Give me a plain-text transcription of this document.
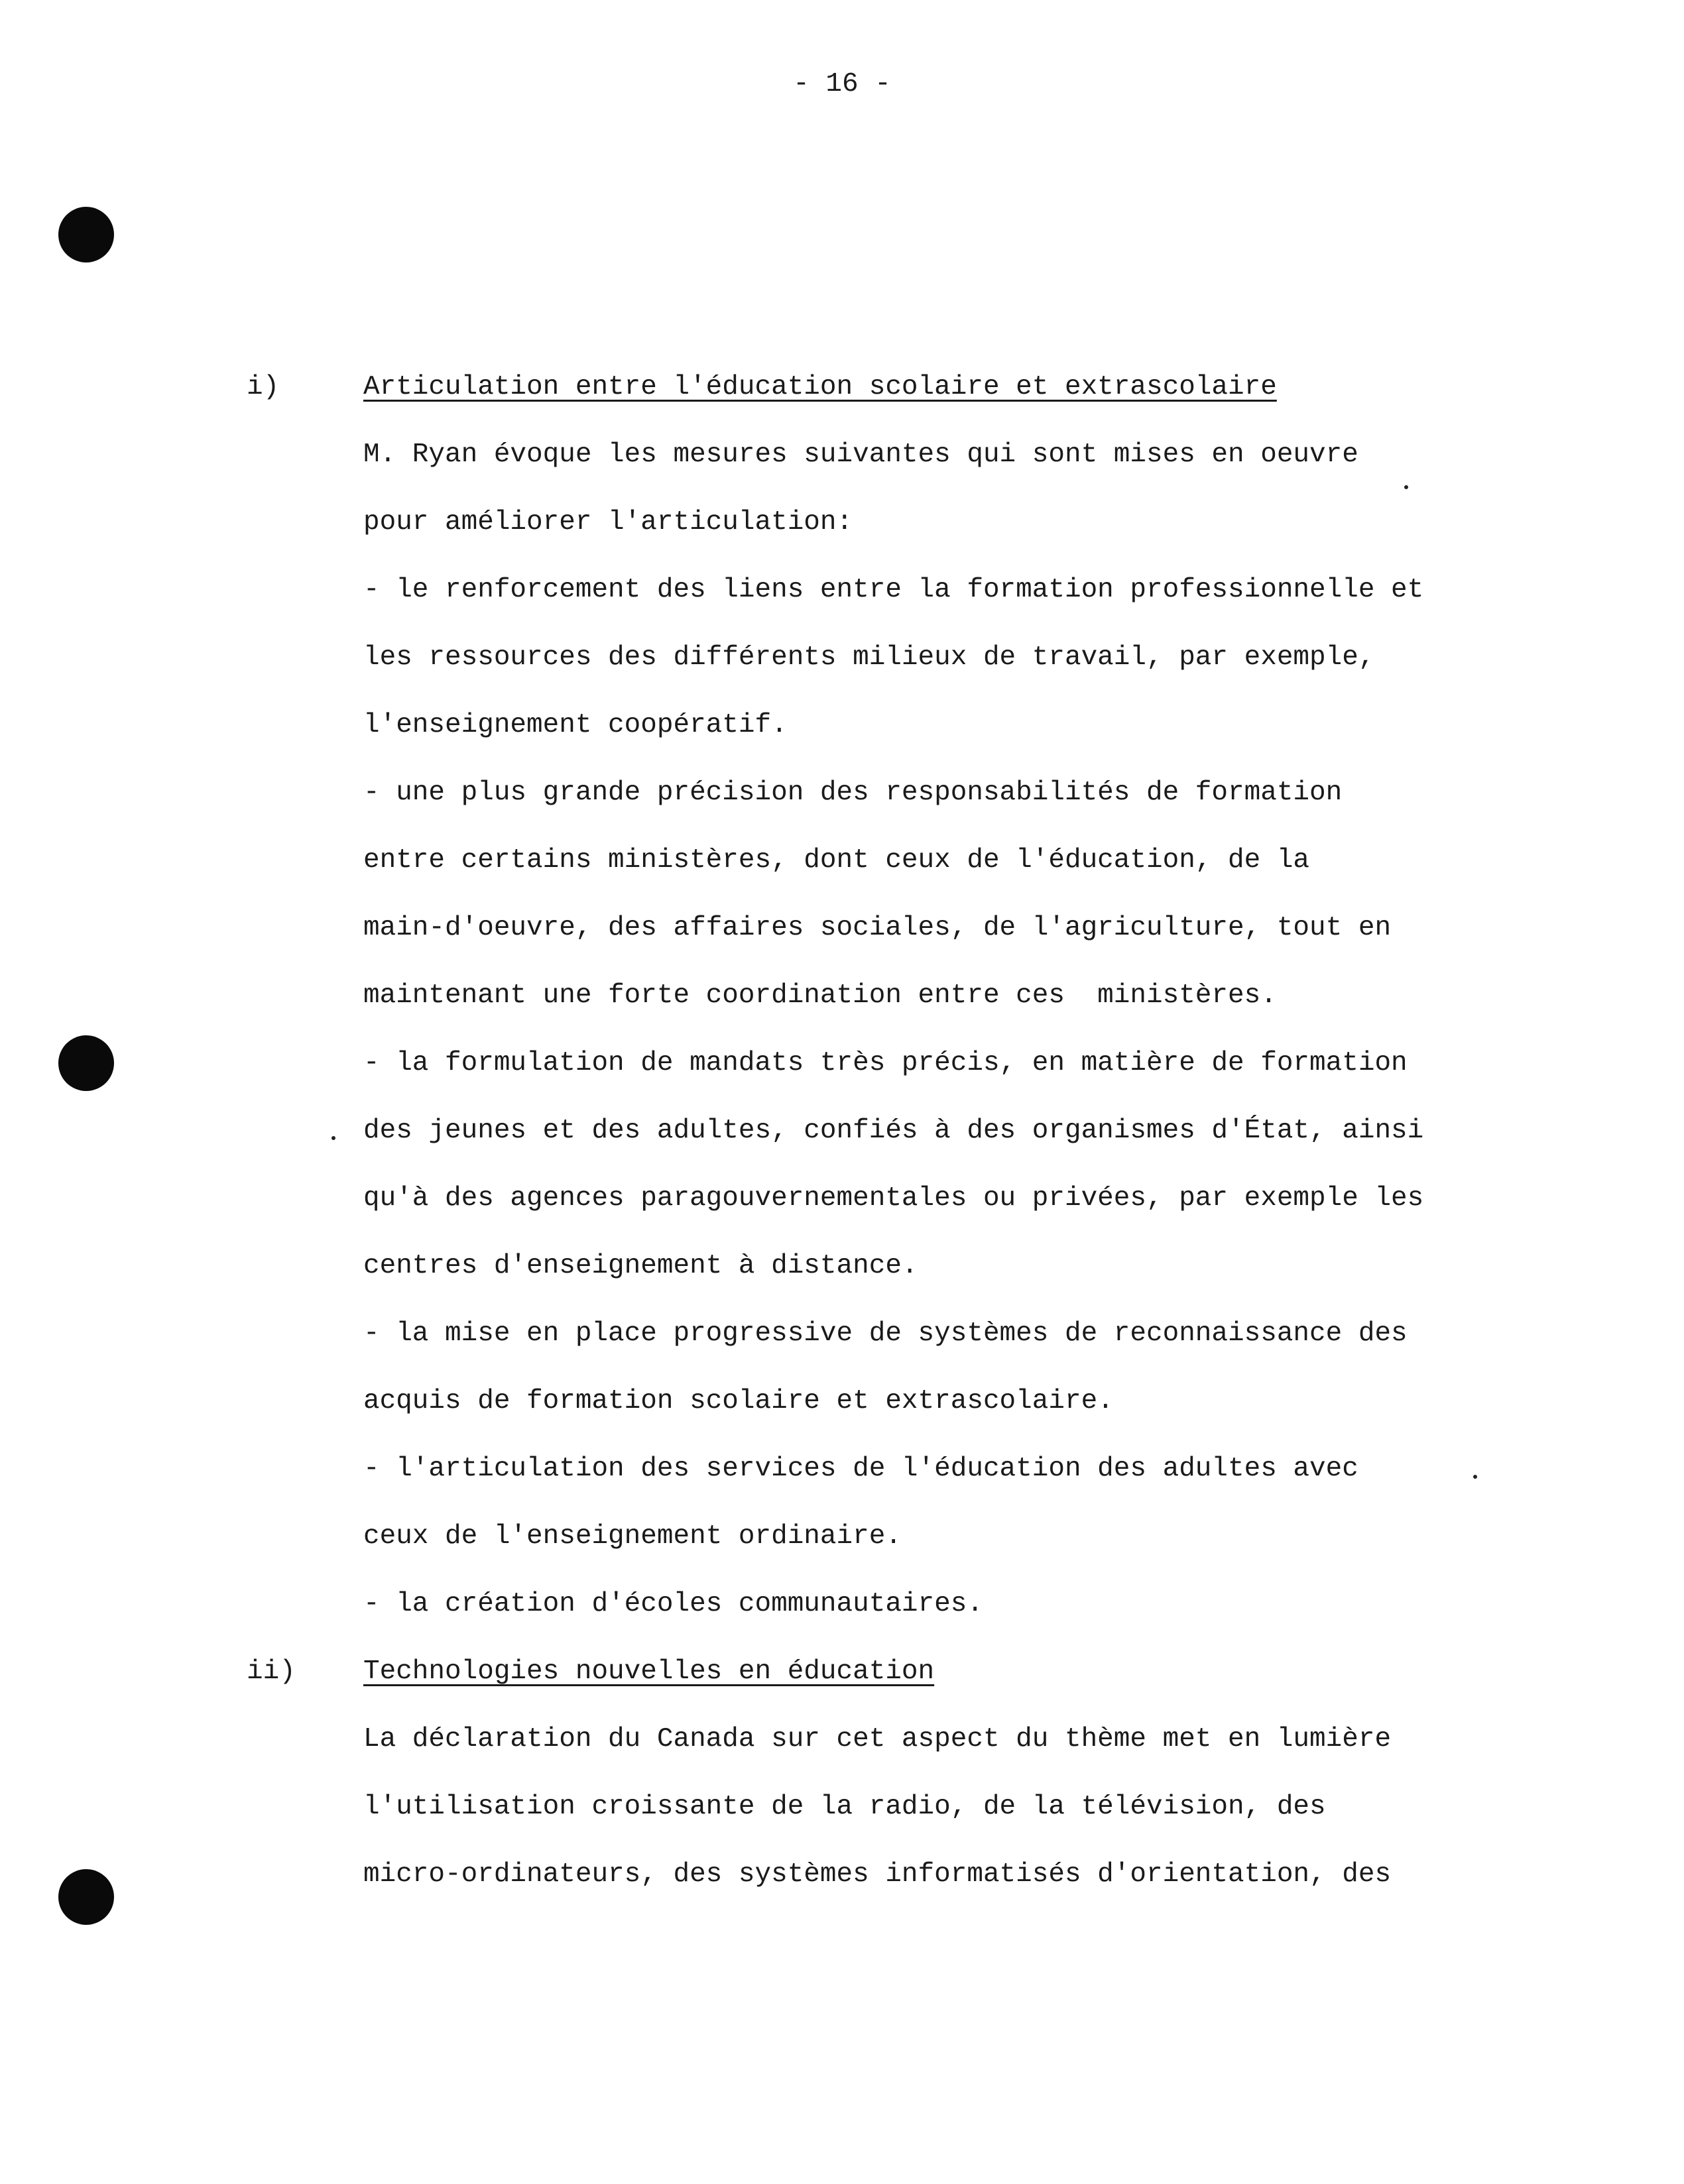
- 16 -
i)	Articulation entre l'éducation scolaire et extrascolaire
M. Ryan évoque les mesures suivantes qui sont mises en oeuvre
pour améliorer l'articulation:
- le renforcement des liens entre la formation professionnelle et
les ressources des différents milieux de travail, par exemple,
l'enseignement coopératif.
- une plus grande précision des responsabilités de formation
entre certains ministères, dont ceux de l'éducation, de la
main-d'oeuvre, des affaires sociales, de l'agriculture, tout en
maintenant une forte coordination entre ces  ministères.
- la formulation de mandats très précis, en matière de formation
des jeunes et des adultes, confiés à des organismes d'État, ainsi
qu'à des agences paragouvernementales ou privées, par exemple les
centres d'enseignement à distance.
- la mise en place progressive de systèmes de reconnaissance des
acquis de formation scolaire et extrascolaire.
- l'articulation des services de l'éducation des adultes avec
ceux de l'enseignement ordinaire.
- la création d'écoles communautaires.
ii) Technologies nouvelles en éducation
La déclaration du Canada sur cet aspect du thème met en lumière
l'utilisation croissante de la radio, de la télévision, des
micro-ordinateurs, des systèmes informatisés d'orientation, des
